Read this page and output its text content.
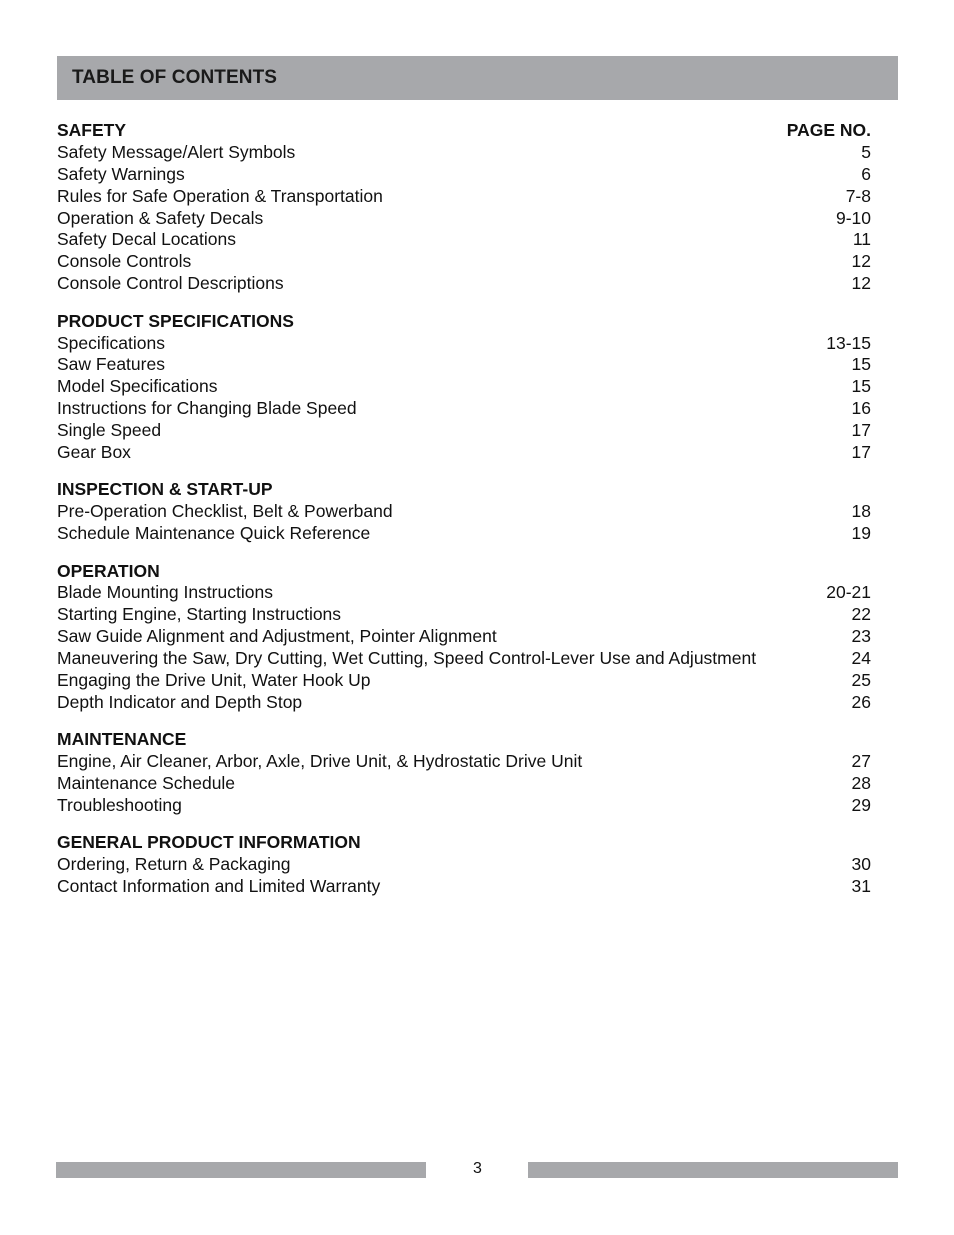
TABLE OF CONTENTS
SAFETY	PAGE NO.
Safety Message/Alert Symbols	5
Safety Warnings	6
Rules for Safe Operation & Transportation	7-8
Operation & Safety Decals	9-10
Safety Decal Locations	11
Console Controls	12
Console Control Descriptions	12
PRODUCT SPECIFICATIONS
Specifications	13-15
Saw Features	15
Model Specifications	15
Instructions for Changing Blade Speed	16
Single Speed	17
Gear Box	17
INSPECTION & START-UP
Pre-Operation Checklist, Belt & Powerband	18
Schedule Maintenance Quick Reference	19
OPERATION
Blade Mounting Instructions	20-21
Starting Engine, Starting Instructions	22
Saw Guide Alignment and Adjustment, Pointer Alignment	23
Maneuvering the Saw, Dry Cutting, Wet Cutting, Speed Control-Lever Use and Adjustment	24
Engaging the Drive Unit, Water Hook Up	25
Depth Indicator and Depth Stop	26
MAINTENANCE
Engine, Air Cleaner, Arbor, Axle, Drive Unit, & Hydrostatic Drive Unit	27
Maintenance Schedule	28
Troubleshooting	29
GENERAL PRODUCT INFORMATION
Ordering, Return & Packaging	30
Contact Information and Limited Warranty	31
3
